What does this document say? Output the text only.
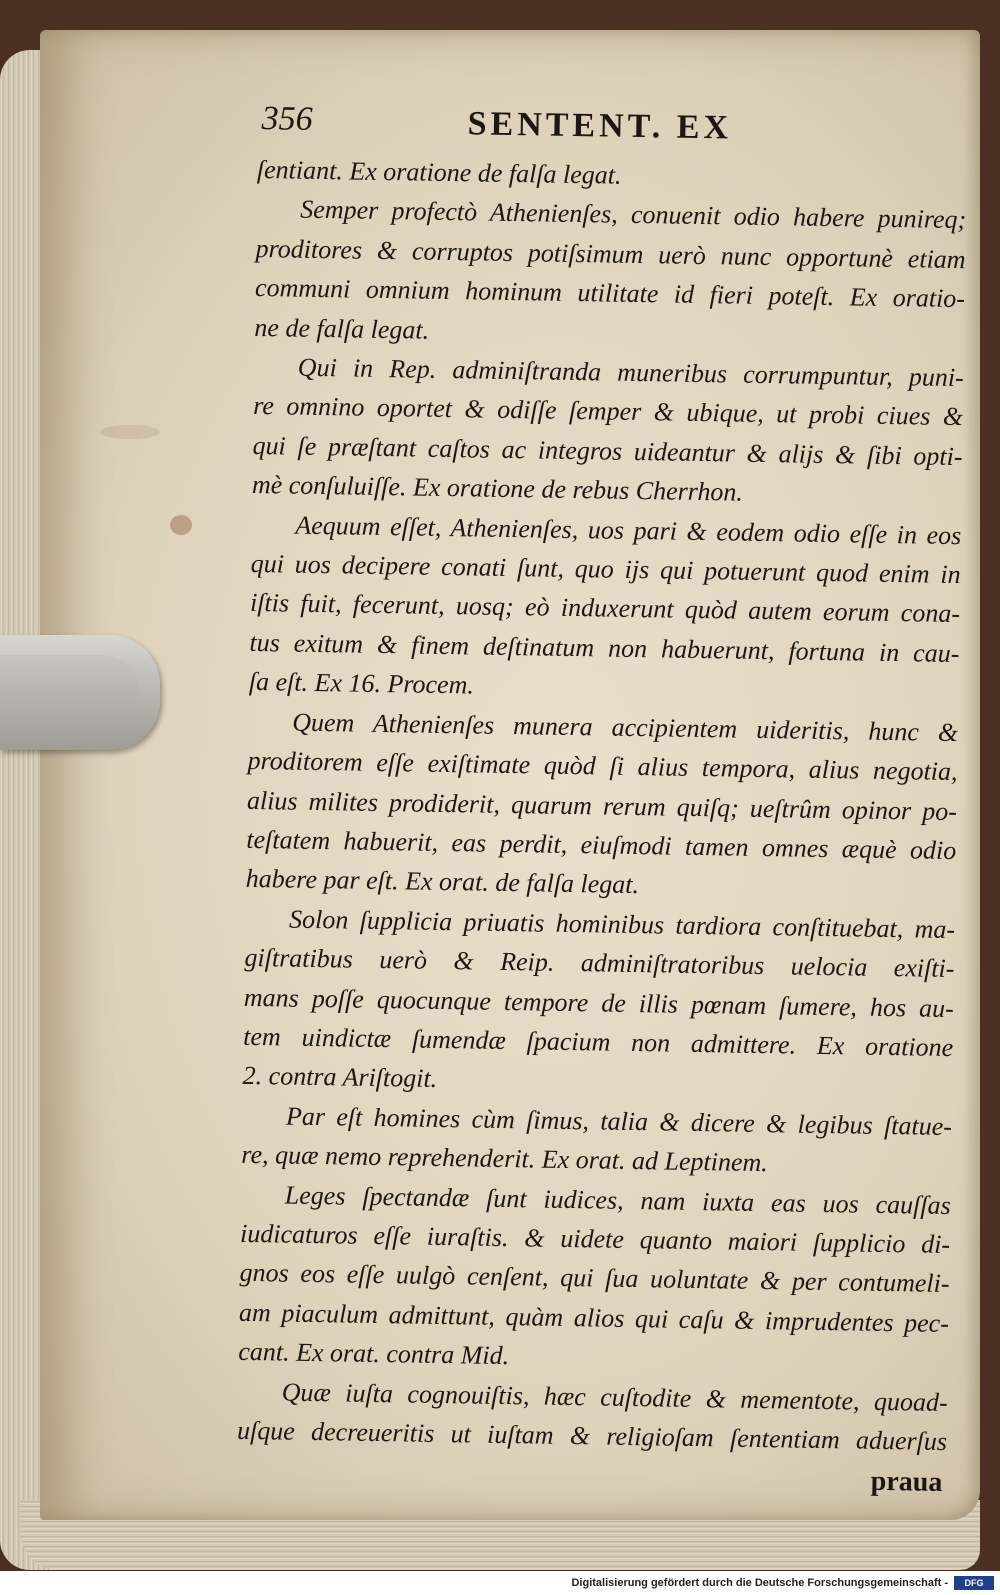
356	SENTENT. EX
ſentiant. Ex oratione de falſa legat.
Semper profectò Athenienſes, conuenit odio habere punireq;
proditores & corruptos potiſsimum uerò nunc opportunè etiam
communi omnium hominum utilitate id fieri poteſt. Ex oratio-
ne de falſa legat.
Qui in Rep. adminiſtranda muneribus corrumpuntur, puni-
re omnino oportet & odiſſe ſemper & ubique, ut probi ciues &
qui ſe præſtant caſtos ac integros uideantur & aliјs & ſibi opti-
mè conſuluiſſe. Ex oratione de rebus Cherrhon.
Aequum eſſet, Athenienſes, uos pari & eodem odio eſſe in eos
qui uos decipere conati ſunt, quo iјs qui potuerunt quod enim in
iſtis fuit, fecerunt, uosq; eò induxerunt quòd autem eorum cona-
tus exitum & finem deſtinatum non habuerunt, fortuna in cau-
ſa eſt. Ex 16. Procem.
Quem Athenienſes munera accipientem uideritis, hunc &
proditorem eſſe exiſtimate quòd ſi alius tempora, alius negotia,
alius milites prodiderit, quarum rerum quiſq; ueſtrûm opinor po-
teſtatem habuerit, eas perdit, eiuſmodi tamen omnes æquè odio
habere par eſt. Ex orat. de falſa legat.
Solon ſupplicia priuatis hominibus tardiora conſtituebat, ma-
giſtratibus uerò & Reip. adminiſtratoribus uelocia exiſti-
mans poſſe quocunque tempore de illis pœnam ſumere, hos au-
tem uindictæ ſumendæ ſpacium non admittere. Ex oratione
2. contra Ariſtogit.
Par eſt homines cùm ſimus, talia & dicere & legibus ſtatue-
re, quæ nemo reprehenderit. Ex orat. ad Leptinem.
Leges ſpectandæ ſunt iudices, nam iuxta eas uos cauſſas
iudicaturos eſſe iuraſtis. & uidete quanto maiori ſupplicio di-
gnos eos eſſe uulgò cenſent, qui ſua uoluntate & per contumeli-
am piaculum admittunt, quàm alios qui caſu & imprudentes pec-
cant. Ex orat. contra Mid.
Quæ iuſta cognouiſtis, hæc cuſtodite & mementote, quoad-
uſque decreueritis ut iuſtam & religioſam ſententiam aduerſus
praua
Digitalisierung gefördert durch die Deutsche Forschungsgemeinschaft -	DFG
